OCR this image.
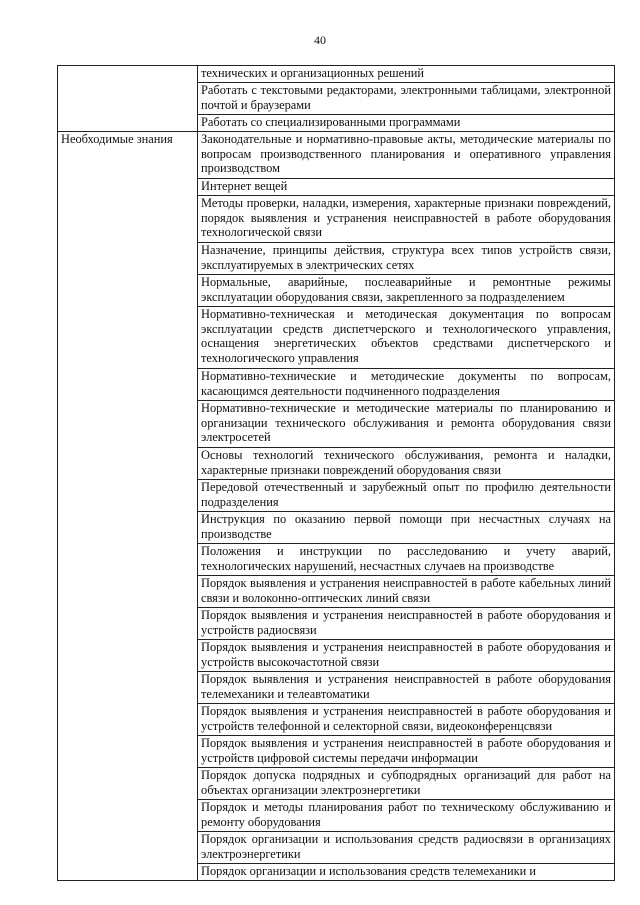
40
	технических и организационных решений
	Работать с текстовыми редакторами, электронными таблицами, электронной почтой и браузерами
	Работать со специализированными программами
Необходимые знания	Законодательные и нормативно-правовые акты, методические материалы по вопросам производственного планирования и оперативного управления производством
	Интернет вещей
	Методы проверки, наладки, измерения, характерные признаки повреждений, порядок выявления и устранения неисправностей в работе оборудования технологической связи
	Назначение, принципы действия, структура всех типов устройств связи, эксплуатируемых в электрических сетях
	Нормальные, аварийные, послеаварийные и ремонтные режимы эксплуатации оборудования связи, закрепленного за подразделением
	Нормативно-техническая и методическая документация по вопросам эксплуатации средств диспетчерского и технологического управления, оснащения энергетических объектов средствами диспетчерского и технологического управления
	Нормативно-технические и методические документы по вопросам, касающимся деятельности подчиненного подразделения
	Нормативно-технические и методические материалы по планированию и организации технического обслуживания и ремонта оборудования связи электросетей
	Основы технологий технического обслуживания, ремонта и наладки, характерные признаки повреждений оборудования связи
	Передовой отечественный и зарубежный опыт по профилю деятельности подразделения
	Инструкция по оказанию первой помощи при несчастных случаях на производстве
	Положения и инструкции по расследованию и учету аварий, технологических нарушений, несчастных случаев на производстве
	Порядок выявления и устранения неисправностей в работе кабельных линий связи и волоконно-оптических линий связи
	Порядок выявления и устранения неисправностей в работе оборудования и устройств радиосвязи
	Порядок выявления и устранения неисправностей в работе оборудования и устройств высокочастотной связи
	Порядок выявления и устранения неисправностей в работе оборудования телемеханики и телеавтоматики
	Порядок выявления и устранения неисправностей в работе оборудования и устройств телефонной и селекторной связи, видеоконференцсвязи
	Порядок выявления и устранения неисправностей в работе оборудования и устройств цифровой системы передачи информации
	Порядок допуска подрядных и субподрядных организаций для работ на объектах организации электроэнергетики
	Порядок и методы планирования работ по техническому обслуживанию и ремонту оборудования
	Порядок организации и использования средств радиосвязи в организациях электроэнергетики
	Порядок организации и использования средств телемеханики и
